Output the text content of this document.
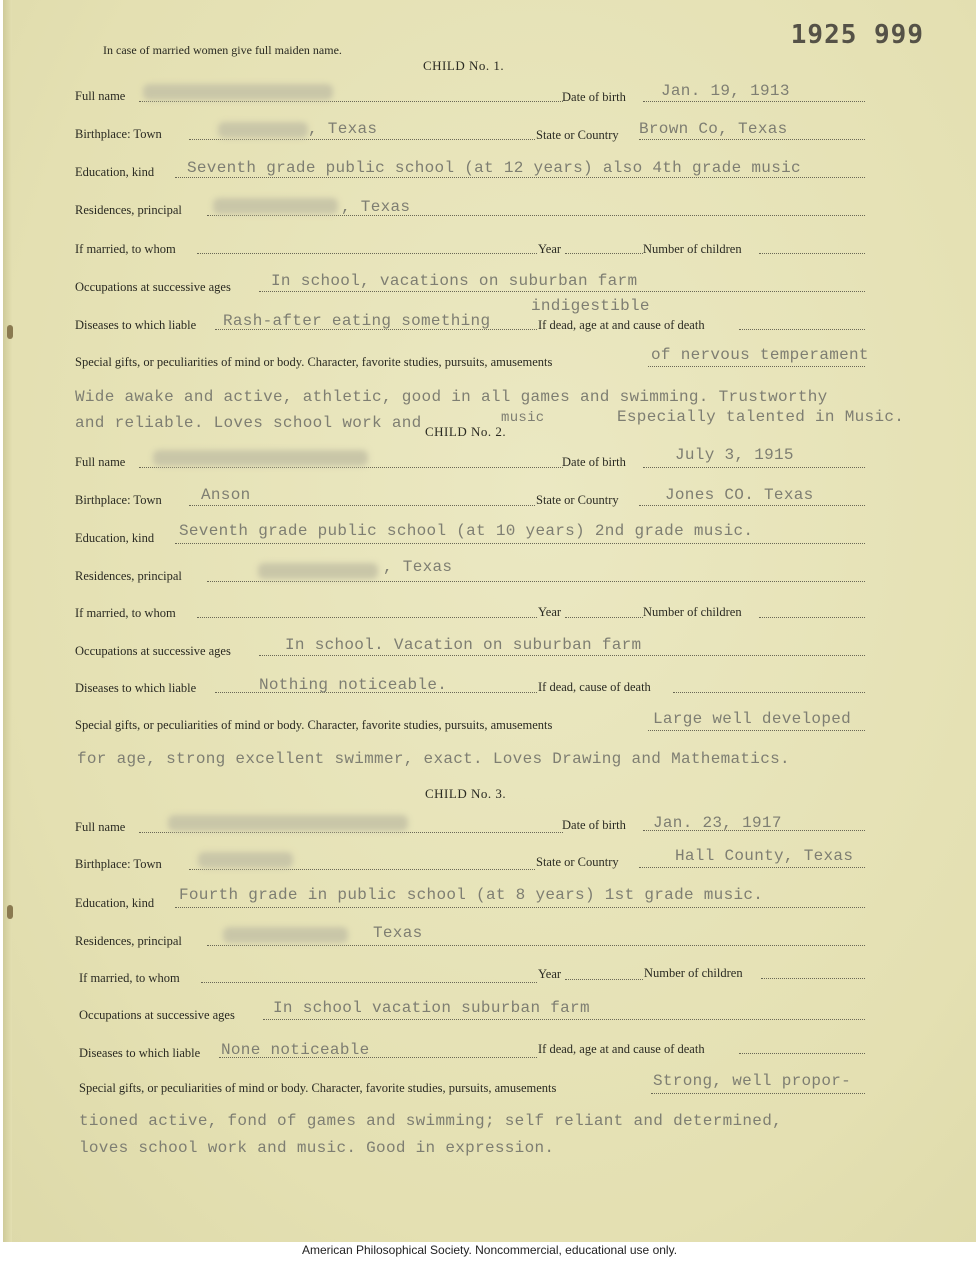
1925 999
In case of married women give full maiden name.
CHILD No. 1.
Full name	Date of birth Jan. 19, 1913
Birthplace: Town	, Texas	State or Country Brown Co, Texas
Education, kind Seventh grade public school (at 12 years) also 4th grade music
Residences, principal	, Texas
If married, to whom	Year	Number of children
Occupations at successive ages	In school, vacations on suburban farm
Diseases to which liable Rash-after eating something
indigestible
If dead, age at and cause of death
Special gifts, or peculiarities of mind or body. Character, favorite studies, pursuits, amusements	of nervous temperament
Wide awake and active, athletic, good in all games and swimming. Trustworthy
and reliable. Loves school work and	music	Especially talented in Music.
CHILD No. 2.
Full name	Date of birth	July 3, 1915
Birthplace: Town Anson	State or Country	Jones CO. Texas
Education, kind Seventh grade public school (at 10 years) 2nd grade music.
Residences, principal	, Texas
If married, to whom	Year	Number of children
Occupations at successive ages	In school. Vacation on suburban farm
Diseases to which liable	Nothing noticeable.	If dead, cause of death
Special gifts, or peculiarities of mind or body. Character, favorite studies, pursuits, amusements	Large well developed
for age, strong excellent swimmer, exact. Loves Drawing and Mathematics.
CHILD No. 3.
Full name	Date of birth Jan. 23, 1917
Birthplace: Town	State or Country	Hall County, Texas
Education, kind Fourth grade in public school (at 8 years) 1st grade music.
Residences, principal	Texas
If married, to whom	Year	Number of children
Occupations at successive ages In school vacation suburban farm
Diseases to which liable None noticeable	If dead, age at and cause of death
Special gifts, or peculiarities of mind or body. Character, favorite studies, pursuits, amusements	Strong, well propor-
tioned active, fond of games and swimming; self reliant and determined,
loves school work and music. Good in expression.
American Philosophical Society. Noncommercial, educational use only.
